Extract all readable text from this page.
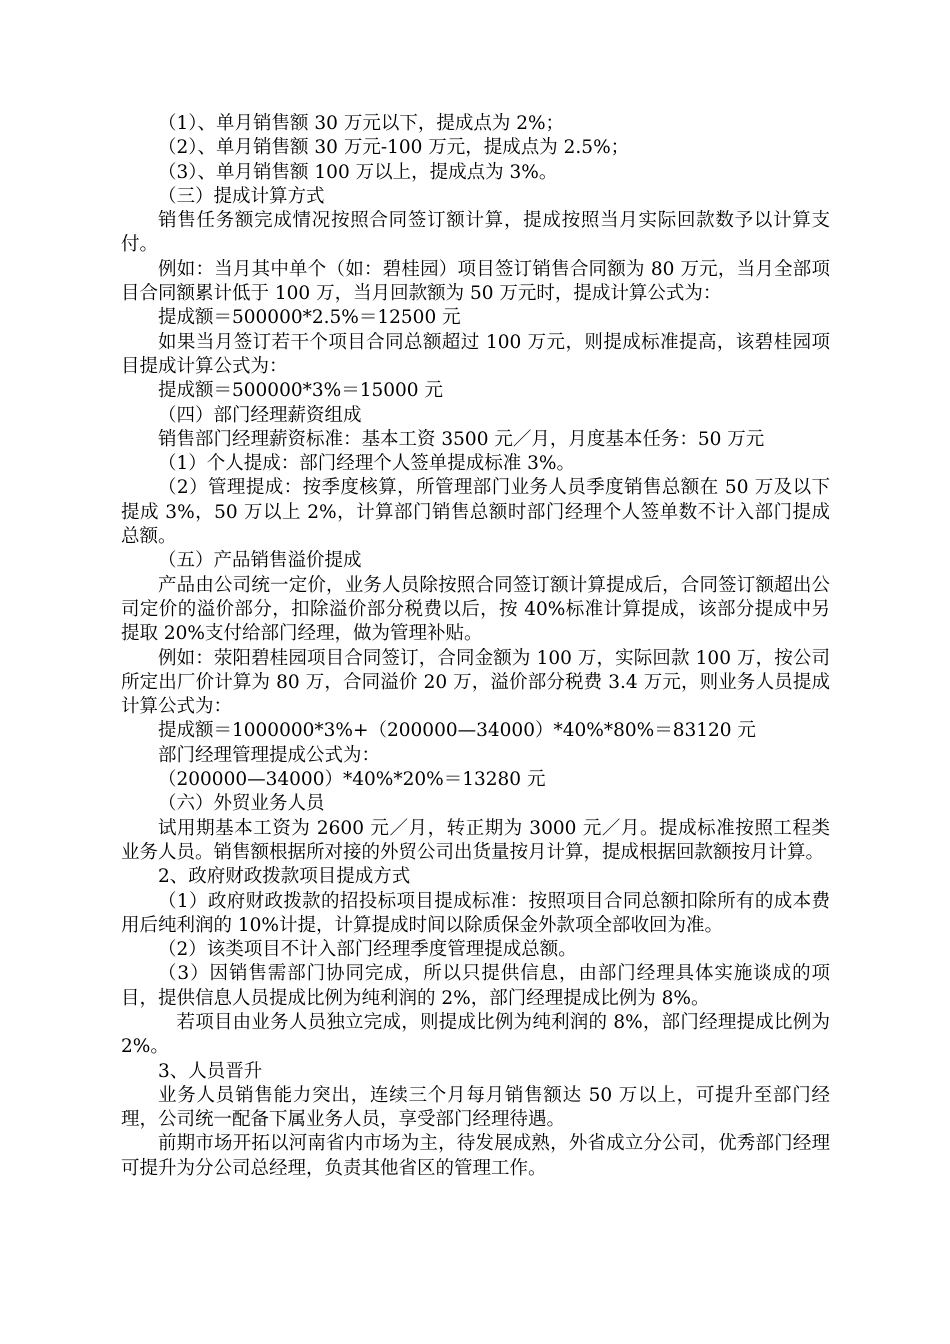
（1）、单月销售额 30 万元以下，提成点为 2%；

（2）、单月销售额 30 万元-100 万元，提成点为 2.5%；

（3）、单月销售额 100 万以上，提成点为 3%。

（三）提成计算方式

销售任务额完成情况按照合同签订额计算，提成按照当月实际回款数予以计算支付。

例如：当月其中单个（如：碧桂园）项目签订销售合同额为 80 万元，当月全部项目合同额累计低于 100 万，当月回款额为 50 万元时，提成计算公式为：

提成额＝500000*2.5%＝12500 元

如果当月签订若干个项目合同总额超过 100 万元，则提成标准提高，该碧桂园项目提成计算公式为：

提成额＝500000*3%＝15000 元

（四）部门经理薪资组成

销售部门经理薪资标准：基本工资 3500 元／月，月度基本任务：50 万元

（1）个人提成：部门经理个人签单提成标准 3%。

（2）管理提成：按季度核算，所管理部门业务人员季度销售总额在 50 万及以下提成 3%，50 万以上 2%，计算部门销售总额时部门经理个人签单数不计入部门提成总额。

（五）产品销售溢价提成

产品由公司统一定价，业务人员除按照合同签订额计算提成后，合同签订额超出公司定价的溢价部分，扣除溢价部分税费以后，按 40%标准计算提成，该部分提成中另提取 20%支付给部门经理，做为管理补贴。

例如：荥阳碧桂园项目合同签订，合同金额为 100 万，实际回款 100 万，按公司所定出厂价计算为 80 万，合同溢价 20 万，溢价部分税费 3.4 万元，则业务人员提成计算公式为：

提成额＝1000000*3%+（200000—34000）*40%*80%＝83120 元

部门经理管理提成公式为：

（200000—34000）*40%*20%＝13280 元

（六）外贸业务人员

试用期基本工资为 2600 元／月，转正期为 3000 元／月。提成标准按照工程类业务人员。销售额根据所对接的外贸公司出货量按月计算，提成根据回款额按月计算。

2、政府财政拨款项目提成方式

（1）政府财政拨款的招投标项目提成标准：按照项目合同总额扣除所有的成本费用后纯利润的 10%计提，计算提成时间以除质保金外款项全部收回为准。

（2）该类项目不计入部门经理季度管理提成总额。

（3）因销售需部门协同完成，所以只提供信息，由部门经理具体实施谈成的项目，提供信息人员提成比例为纯利润的 2%，部门经理提成比例为 8%。

若项目由业务人员独立完成，则提成比例为纯利润的 8%，部门经理提成比例为 2%。

3、人员晋升

业务人员销售能力突出，连续三个月每月销售额达 50 万以上，可提升至部门经理，公司统一配备下属业务人员，享受部门经理待遇。

前期市场开拓以河南省内市场为主，待发展成熟，外省成立分公司，优秀部门经理可提升为分公司总经理，负责其他省区的管理工作。
